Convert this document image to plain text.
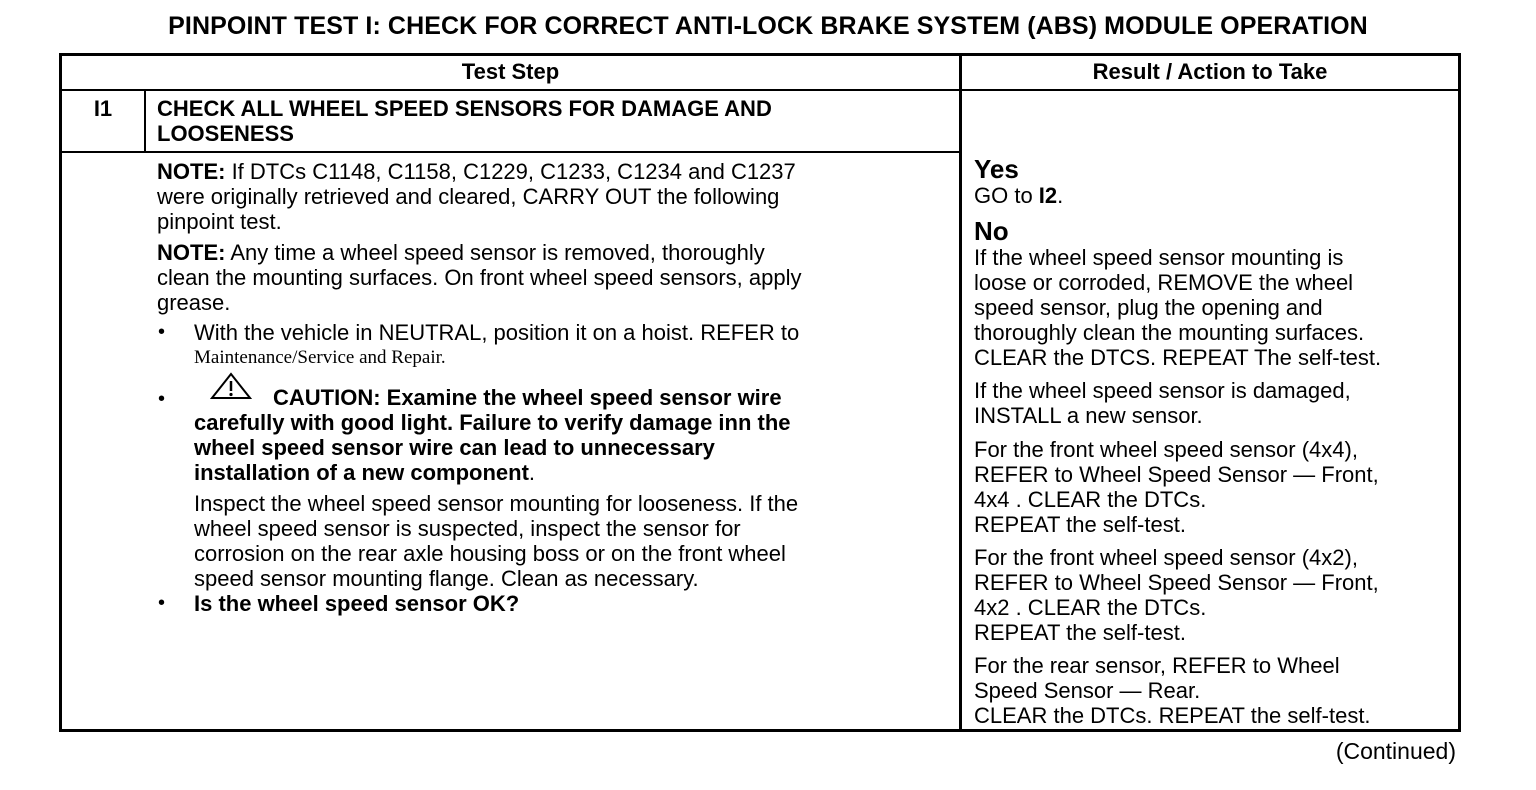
PINPOINT TEST I: CHECK FOR CORRECT ANTI-LOCK BRAKE SYSTEM (ABS) MODULE OPERATION
Test Step	Result / Action to Take
I1	CHECK ALL WHEEL SPEED SENSORS FOR DAMAGE AND
LOOSENESS
NOTE: If DTCs C1148, C1158, C1229, C1233, C1234 and C1237
were originally retrieved and cleared, CARRY OUT the following
pinpoint test.
NOTE: Any time a wheel speed sensor is removed, thoroughly
clean the mounting surfaces. On front wheel speed sensors, apply
grease.
• With the vehicle in NEUTRAL, position it on a hoist. REFER to
Maintenance/Service and Repair.
•	CAUTION: Examine the wheel speed sensor wire
carefully with good light. Failure to verify damage inn the
wheel speed sensor wire can lead to unnecessary
installation of a new component.
Inspect the wheel speed sensor mounting for looseness. If the
wheel speed sensor is suspected, inspect the sensor for
corrosion on the rear axle housing boss or on the front wheel
speed sensor mounting flange. Clean as necessary.
• Is the wheel speed sensor OK?
Yes
GO to I2.
No
If the wheel speed sensor mounting is
loose or corroded, REMOVE the wheel
speed sensor, plug the opening and
thoroughly clean the mounting surfaces.
CLEAR the DTCS. REPEAT The self-test.
If the wheel speed sensor is damaged,
INSTALL a new sensor.
For the front wheel speed sensor (4x4),
REFER to Wheel Speed Sensor — Front,
4x4 . CLEAR the DTCs.
REPEAT the self-test.
For the front wheel speed sensor (4x2),
REFER to Wheel Speed Sensor — Front,
4x2 . CLEAR the DTCs.
REPEAT the self-test.
For the rear sensor, REFER to Wheel
Speed Sensor — Rear.
CLEAR the DTCs. REPEAT the self-test.
(Continued)
